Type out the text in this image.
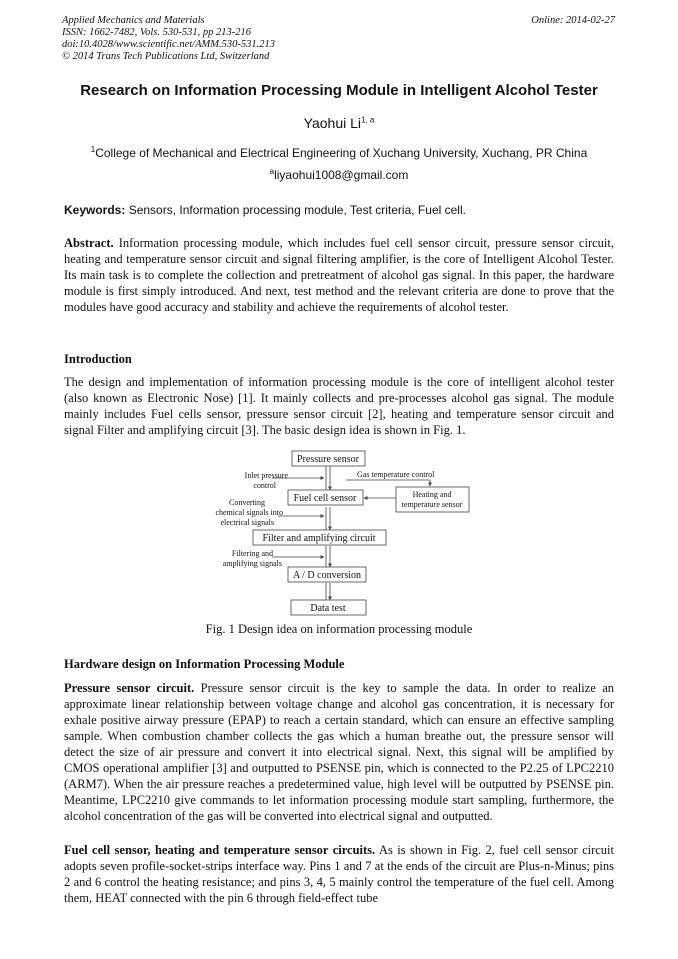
Applied Mechanics and Materials
ISSN: 1662-7482, Vols. 530-531, pp 213-216
doi:10.4028/www.scientific.net/AMM.530-531.213
© 2014 Trans Tech Publications Ltd, Switzerland
Online: 2014-02-27
Research on Information Processing Module in Intelligent Alcohol Tester
Yaohui Li$^{1, a}$
$^1$College of Mechanical and Electrical Engineering of Xuchang University, Xuchang, PR China
$^a$liyaohui1008@gmail.com
Keywords: Sensors, Information processing module, Test criteria, Fuel cell.
Abstract. Information processing module, which includes fuel cell sensor circuit, pressure sensor circuit, heating and temperature sensor circuit and signal filtering amplifier, is the core of Intelligent Alcohol Tester. Its main task is to complete the collection and pretreatment of alcohol gas signal. In this paper, the hardware module is first simply introduced. And next, test method and the relevant criteria are done to prove that the modules have good accuracy and stability and achieve the requirements of alcohol tester.
Introduction
The design and implementation of information processing module is the core of intelligent alcohol tester (also known as Electronic Nose) [1]. It mainly collects and pre-processes alcohol gas signal. The module mainly includes Fuel cells sensor, pressure sensor circuit [2], heating and temperature sensor circuit and signal Filter and amplifying circuit [3]. The basic design idea is shown in Fig. 1.
Pressure sensor
Fuel cell sensor
Filter and amplifying circuit
A / D conversion
Data test
Heating and
temperature sensor
Inlet pressure
control
Converting
chemical signals into
electrical signals
Filtering and
amplifying signals
Gas temperature control
Fig. 1 Design idea on information processing module
Hardware design on Information Processing Module
Pressure sensor circuit. Pressure sensor circuit is the key to sample the data. In order to realize an approximate linear relationship between voltage change and alcohol gas concentration, it is necessary for exhale positive airway pressure (EPAP) to reach a certain standard, which can ensure an effective sampling sample. When combustion chamber collects the gas which a human breathe out, the pressure sensor will detect the size of air pressure and convert it into electrical signal. Next, this signal will be amplified by CMOS operational amplifier [3] and outputted to PSENSE pin, which is connected to the P2.25 of LPC2210 (ARM7). When the air pressure reaches a predetermined value, high level will be outputted by PSENSE pin. Meantime, LPC2210 give commands to let information processing module start sampling, furthermore, the alcohol concentration of the gas will be converted into electrical signal and outputted.
Fuel cell sensor, heating and temperature sensor circuits. As is shown in Fig. 2, fuel cell sensor circuit adopts seven profile-socket-strips interface way. Pins 1 and 7 at the ends of the circuit are Plus-n-Minus; pins 2 and 6 control the heating resistance; and pins 3, 4, 5 mainly control the temperature of the fuel cell. Among them, HEAT connected with the pin 6 through field-effect tube
